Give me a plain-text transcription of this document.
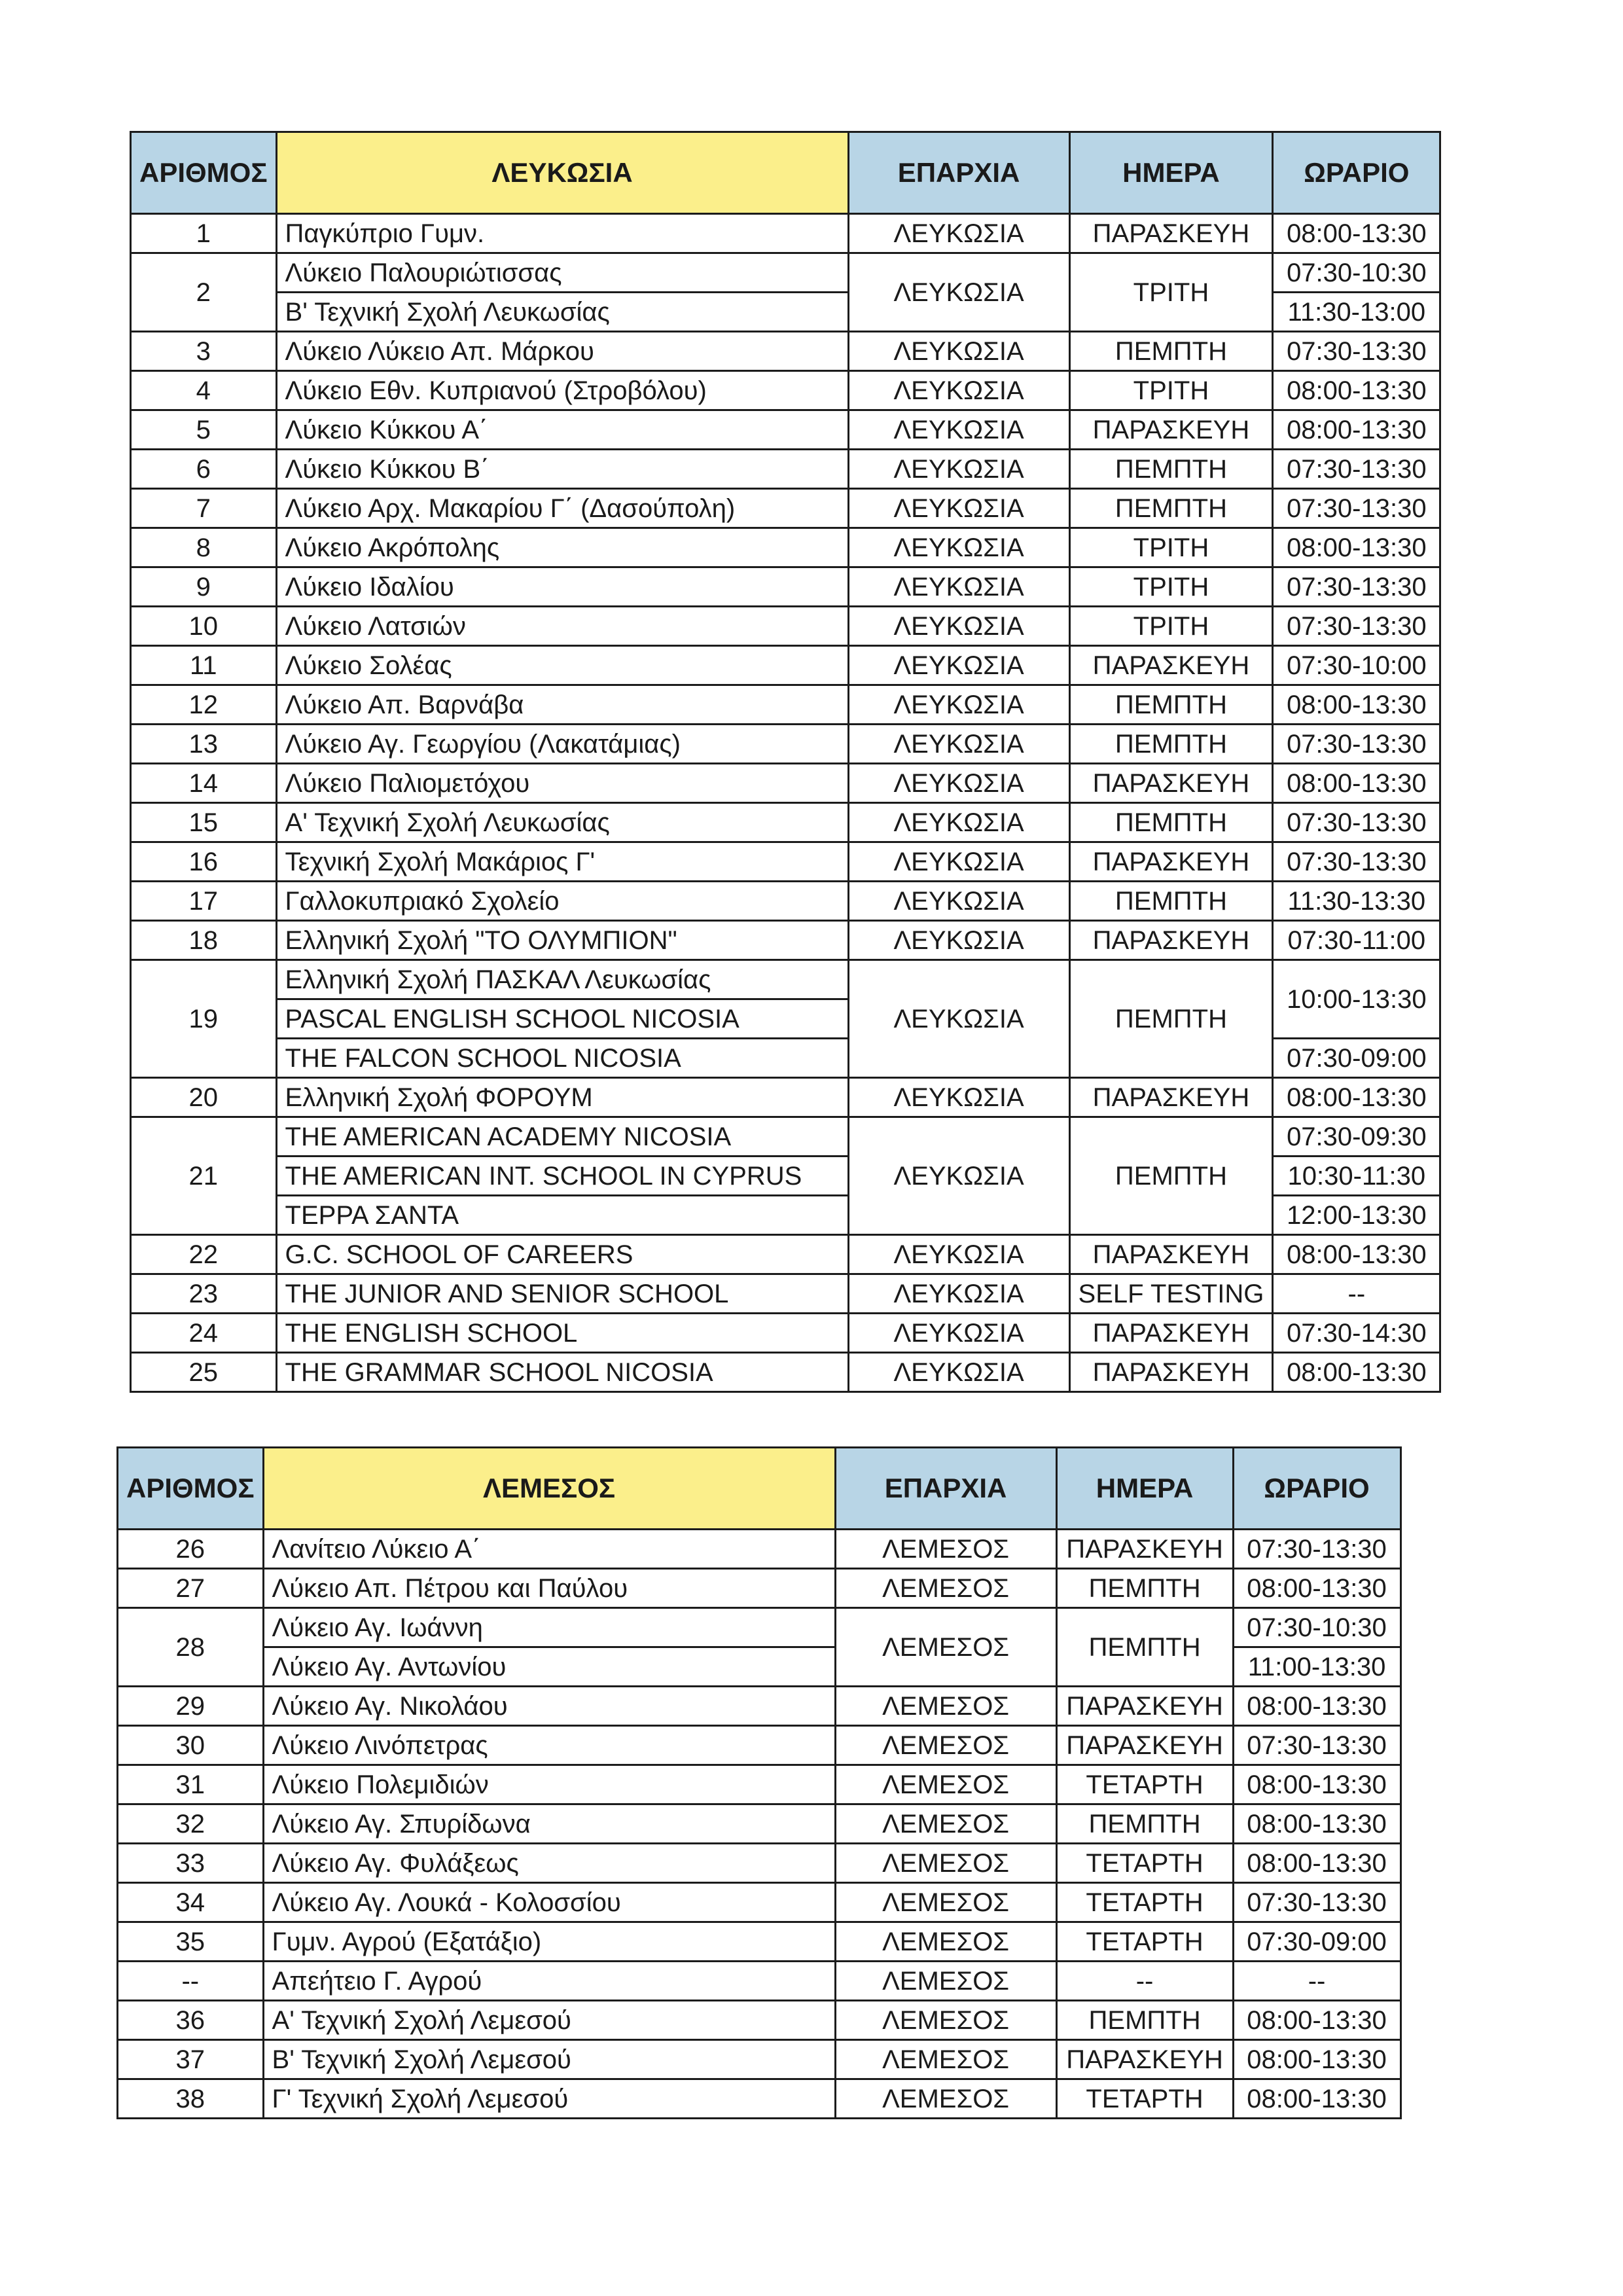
ΑΡΙΘΜΟΣ	ΛΕΥΚΩΣΙΑ	ΕΠΑΡΧΙΑ	ΗΜΕΡΑ	ΩΡΑΡΙΟ
1	Παγκύπριο Γυμν.	ΛΕΥΚΩΣΙΑ	ΠΑΡΑΣΚΕΥΗ	08:00-13:30
2	Λύκειο Παλουριώτισσας	ΛΕΥΚΩΣΙΑ	ΤΡΙΤΗ	07:30-10:30
	Β' Τεχνική Σχολή Λευκωσίας			11:30-13:00
3	Λύκειο Λύκειο Απ. Μάρκου	ΛΕΥΚΩΣΙΑ	ΠΕΜΠΤΗ	07:30-13:30
4	Λύκειο Εθν. Κυπριανού (Στροβόλου)	ΛΕΥΚΩΣΙΑ	ΤΡΙΤΗ	08:00-13:30
5	Λύκειο Κύκκου Α΄	ΛΕΥΚΩΣΙΑ	ΠΑΡΑΣΚΕΥΗ	08:00-13:30
6	Λύκειο Κύκκου Β΄	ΛΕΥΚΩΣΙΑ	ΠΕΜΠΤΗ	07:30-13:30
7	Λύκειο Αρχ. Μακαρίου Γ΄ (Δασούπολη)	ΛΕΥΚΩΣΙΑ	ΠΕΜΠΤΗ	07:30-13:30
8	Λύκειο Ακρόπολης	ΛΕΥΚΩΣΙΑ	ΤΡΙΤΗ	08:00-13:30
9	Λύκειο Ιδαλίου	ΛΕΥΚΩΣΙΑ	ΤΡΙΤΗ	07:30-13:30
10	Λύκειο Λατσιών	ΛΕΥΚΩΣΙΑ	ΤΡΙΤΗ	07:30-13:30
11	Λύκειο Σολέας	ΛΕΥΚΩΣΙΑ	ΠΑΡΑΣΚΕΥΗ	07:30-10:00
12	Λύκειο Απ. Βαρνάβα	ΛΕΥΚΩΣΙΑ	ΠΕΜΠΤΗ	08:00-13:30
13	Λύκειο Αγ. Γεωργίου (Λακατάμιας)	ΛΕΥΚΩΣΙΑ	ΠΕΜΠΤΗ	07:30-13:30
14	Λύκειο Παλιομετόχου	ΛΕΥΚΩΣΙΑ	ΠΑΡΑΣΚΕΥΗ	08:00-13:30
15	Α' Τεχνική Σχολή Λευκωσίας	ΛΕΥΚΩΣΙΑ	ΠΕΜΠΤΗ	07:30-13:30
16	Τεχνική Σχολή Μακάριος Γ'	ΛΕΥΚΩΣΙΑ	ΠΑΡΑΣΚΕΥΗ	07:30-13:30
17	Γαλλοκυπριακό Σχολείο	ΛΕΥΚΩΣΙΑ	ΠΕΜΠΤΗ	11:30-13:30
18	Ελληνική Σχολή "ΤΟ ΟΛΥΜΠΙΟΝ"	ΛΕΥΚΩΣΙΑ	ΠΑΡΑΣΚΕΥΗ	07:30-11:00
19	Ελληνική Σχολή ΠΑΣΚΑΛ Λευκωσίας	ΛΕΥΚΩΣΙΑ	ΠΕΜΠΤΗ	10:00-13:30
	PASCAL ENGLISH SCHOOL NICOSIA			
	THE FALCON SCHOOL NICOSIA			07:30-09:00
20	Ελληνική Σχολή ΦΟΡΟΥΜ	ΛΕΥΚΩΣΙΑ	ΠΑΡΑΣΚΕΥΗ	08:00-13:30
21	THE AMERICAN ACADEMY NICOSIA	ΛΕΥΚΩΣΙΑ	ΠΕΜΠΤΗ	07:30-09:30
	THE AMERICAN INT. SCHOOL IN CYPRUS			10:30-11:30
	ΤΕΡΡΑ ΣΑΝΤΑ			12:00-13:30
22	G.C. SCHOOL OF CAREERS	ΛΕΥΚΩΣΙΑ	ΠΑΡΑΣΚΕΥΗ	08:00-13:30
23	THE JUNIOR AND SENIOR SCHOOL	ΛΕΥΚΩΣΙΑ	SELF TESTING	--
24	THE ENGLISH SCHOOL	ΛΕΥΚΩΣΙΑ	ΠΑΡΑΣΚΕΥΗ	07:30-14:30
25	THE GRAMMAR SCHOOL NICOSIA	ΛΕΥΚΩΣΙΑ	ΠΑΡΑΣΚΕΥΗ	08:00-13:30
ΑΡΙΘΜΟΣ	ΛΕΜΕΣΟΣ	ΕΠΑΡΧΙΑ	ΗΜΕΡΑ	ΩΡΑΡΙΟ
26	Λανίτειο Λύκειο Α΄	ΛΕΜΕΣΟΣ	ΠΑΡΑΣΚΕΥΗ	07:30-13:30
27	Λύκειο Απ. Πέτρου και Παύλου	ΛΕΜΕΣΟΣ	ΠΕΜΠΤΗ	08:00-13:30
28	Λύκειο Αγ. Ιωάννη	ΛΕΜΕΣΟΣ	ΠΕΜΠΤΗ	07:30-10:30
	Λύκειο Αγ. Αντωνίου			11:00-13:30
29	Λύκειο Αγ. Νικολάου	ΛΕΜΕΣΟΣ	ΠΑΡΑΣΚΕΥΗ	08:00-13:30
30	Λύκειο Λινόπετρας	ΛΕΜΕΣΟΣ	ΠΑΡΑΣΚΕΥΗ	07:30-13:30
31	Λύκειο Πολεμιδιών	ΛΕΜΕΣΟΣ	ΤΕΤΑΡΤΗ	08:00-13:30
32	Λύκειο Αγ. Σπυρίδωνα	ΛΕΜΕΣΟΣ	ΠΕΜΠΤΗ	08:00-13:30
33	Λύκειο Αγ. Φυλάξεως	ΛΕΜΕΣΟΣ	ΤΕΤΑΡΤΗ	08:00-13:30
34	Λύκειο Αγ. Λουκά - Κολοσσίου	ΛΕΜΕΣΟΣ	ΤΕΤΑΡΤΗ	07:30-13:30
35	Γυμν. Αγρού (Εξατάξιο)	ΛΕΜΕΣΟΣ	ΤΕΤΑΡΤΗ	07:30-09:00
--	Απεήτειο Γ. Αγρού	ΛΕΜΕΣΟΣ	--	--
36	Α' Τεχνική Σχολή Λεμεσού	ΛΕΜΕΣΟΣ	ΠΕΜΠΤΗ	08:00-13:30
37	Β' Τεχνική Σχολή Λεμεσού	ΛΕΜΕΣΟΣ	ΠΑΡΑΣΚΕΥΗ	08:00-13:30
38	Γ' Τεχνική Σχολή Λεμεσού	ΛΕΜΕΣΟΣ	ΤΕΤΑΡΤΗ	08:00-13:30
